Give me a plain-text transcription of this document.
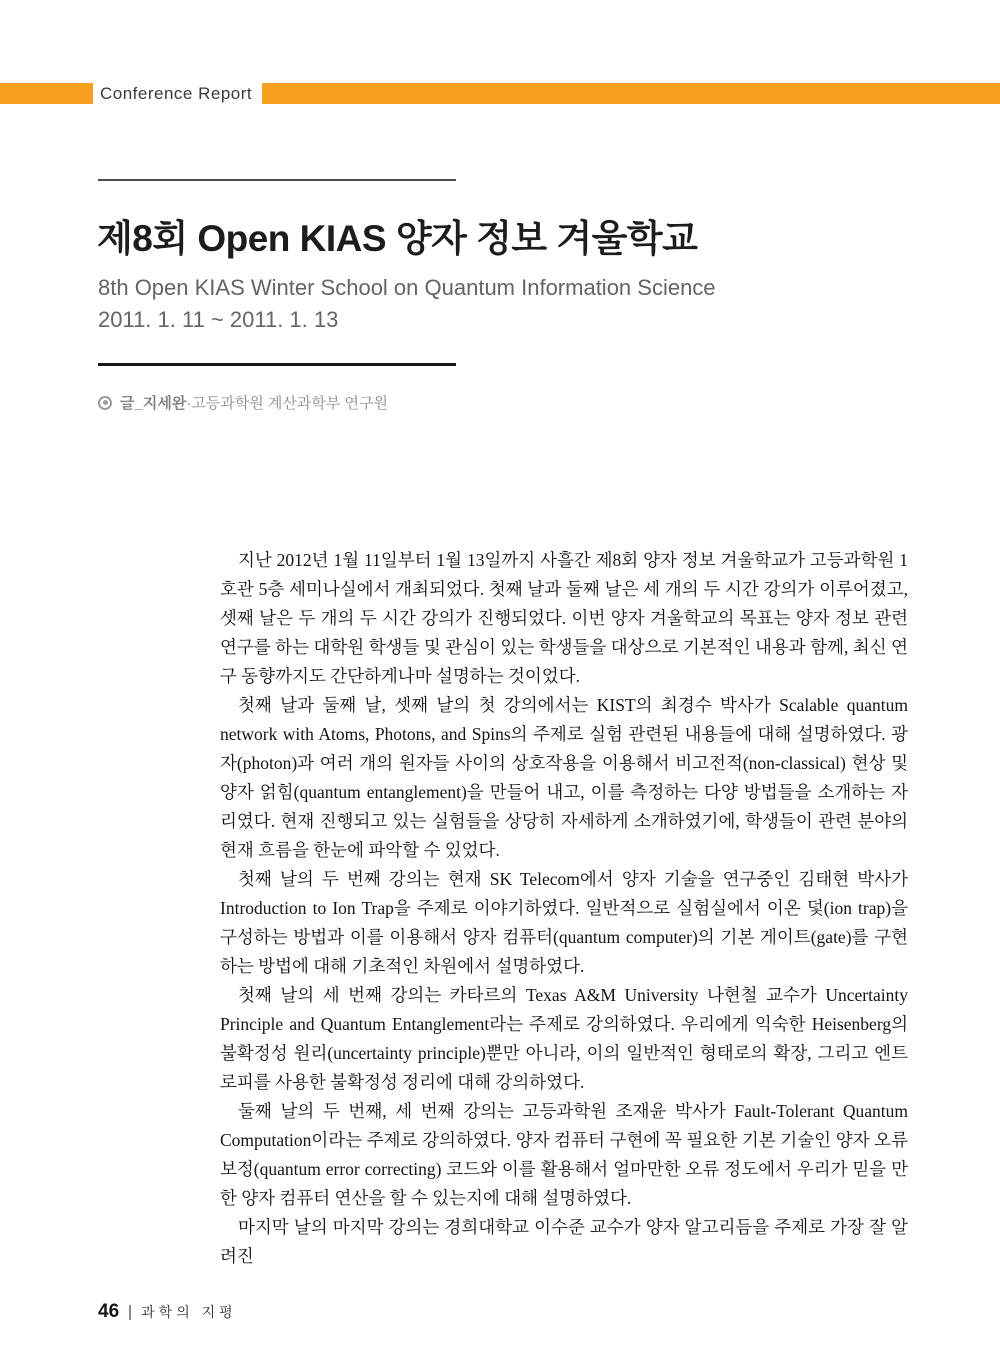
Conference Report
제8회 Open KIAS 양자 정보 겨울학교
8th Open KIAS Winter School on Quantum Information Science
2011. 1. 11 ~ 2011. 1. 13
글_지세완·고등과학원 계산과학부 연구원

지난 2012년 1월 11일부터 1월 13일까지 사흘간 제8회 양자 정보 겨울학교가 고등과학원 1호관 5층 세미나실에서 개최되었다. 첫째 날과 둘째 날은 세 개의 두 시간 강의가 이루어졌고, 셋째 날은 두 개의 두 시간 강의가 진행되었다. 이번 양자 겨울학교의 목표는 양자 정보 관련 연구를 하는 대학원 학생들 및 관심이 있는 학생들을 대상으로 기본적인 내용과 함께, 최신 연구 동향까지도 간단하게나마 설명하는 것이었다.

첫째 날과 둘째 날, 셋째 날의 첫 강의에서는 KIST의 최경수 박사가 Scalable quantum network with Atoms, Photons, and Spins의 주제로 실험 관련된 내용들에 대해 설명하였다. 광자(photon)과 여러 개의 원자들 사이의 상호작용을 이용해서 비고전적(non-classical) 현상 및 양자 얽힘(quantum entanglement)을 만들어 내고, 이를 측정하는 다양 방법들을 소개하는 자리였다. 현재 진행되고 있는 실험들을 상당히 자세하게 소개하였기에, 학생들이 관련 분야의 현재 흐름을 한눈에 파악할 수 있었다.

첫째 날의 두 번째 강의는 현재 SK Telecom에서 양자 기술을 연구중인 김태현 박사가 Introduction to Ion Trap을 주제로 이야기하였다. 일반적으로 실험실에서 이온 덫(ion trap)을 구성하는 방법과 이를 이용해서 양자 컴퓨터(quantum computer)의 기본 게이트(gate)를 구현하는 방법에 대해 기초적인 차원에서 설명하였다.

첫째 날의 세 번째 강의는 카타르의 Texas A&M University 나현철 교수가 Uncertainty Principle and Quantum Entanglement라는 주제로 강의하였다. 우리에게 익숙한 Heisenberg의 불확정성 원리(uncertainty principle)뿐만 아니라, 이의 일반적인 형태로의 확장, 그리고 엔트로피를 사용한 불확정성 정리에 대해 강의하였다.

둘째 날의 두 번째, 세 번째 강의는 고등과학원 조재윤 박사가 Fault-Tolerant Quantum Computation이라는 주제로 강의하였다. 양자 컴퓨터 구현에 꼭 필요한 기본 기술인 양자 오류 보정(quantum error correcting) 코드와 이를 활용해서 얼마만한 오류 정도에서 우리가 믿을 만한 양자 컴퓨터 연산을 할 수 있는지에 대해 설명하였다.

마지막 날의 마지막 강의는 경희대학교 이수준 교수가 양자 알고리듬을 주제로 가장 잘 알려진

46 과학의 지평
